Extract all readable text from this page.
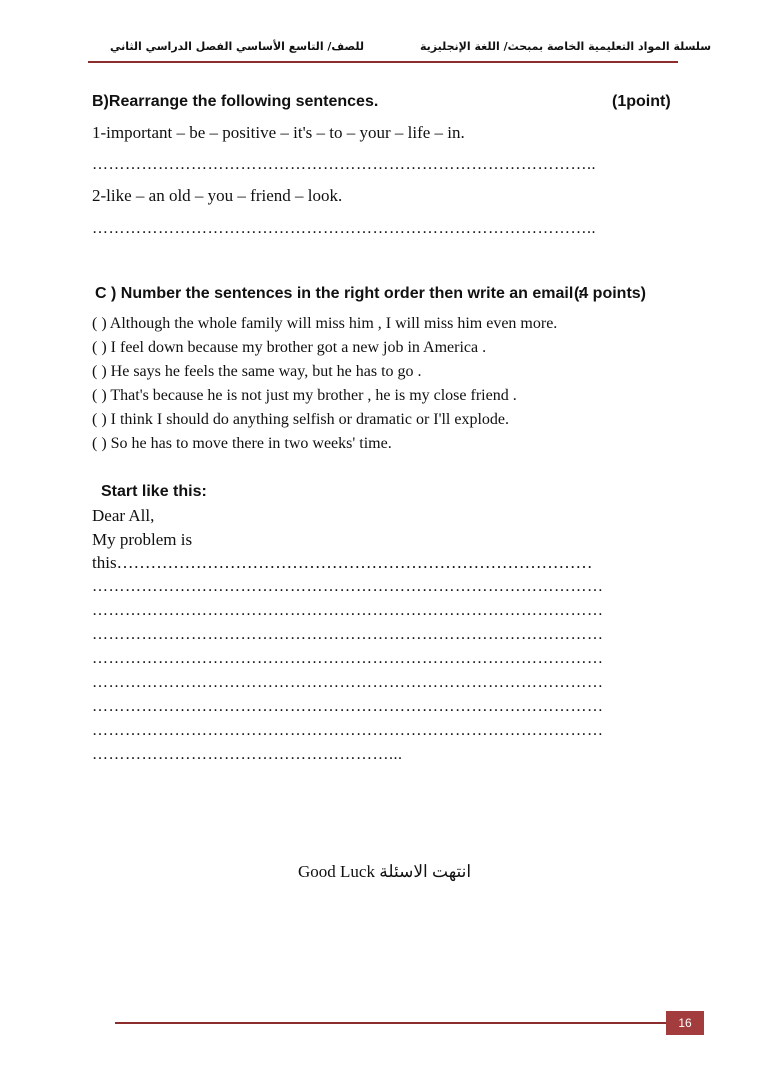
للصف/ التاسع الأساسي الفصل الدراسي الثاني	سلسلة المواد التعليمية الخاصة بمبحث/ اللغة الإنجليزية
B)Rearrange the following sentences.	(1point)
1-important – be – positive – it's – to – your – life – in.
………………………………………………………………………………..
2-like – an old – you – friend – look.
………………………………………………………………………………..
C ) Number the sentences in the right order then write an email :
(4 points)
( ) Although the whole family will miss him , I will miss him even more.
( ) I feel down because my brother got a new job in America .
( ) He says he feels the same way, but he has to go .
( ) That's because he is not just my brother , he is my close friend .
( ) I think I should do anything selfish or dramatic or I'll explode.
( ) So he has to move there in two weeks' time.
Start like this:
Dear All,
My problem is
this…………………………………………………………………………
…………………………………………………………………………………
…………………………………………………………………………………
…………………………………………………………………………………
…………………………………………………………………………………
…………………………………………………………………………………
…………………………………………………………………………………
…………………………………………………………………………………
………………………………………………...
Good Luck انتهت الاسئلة
16
